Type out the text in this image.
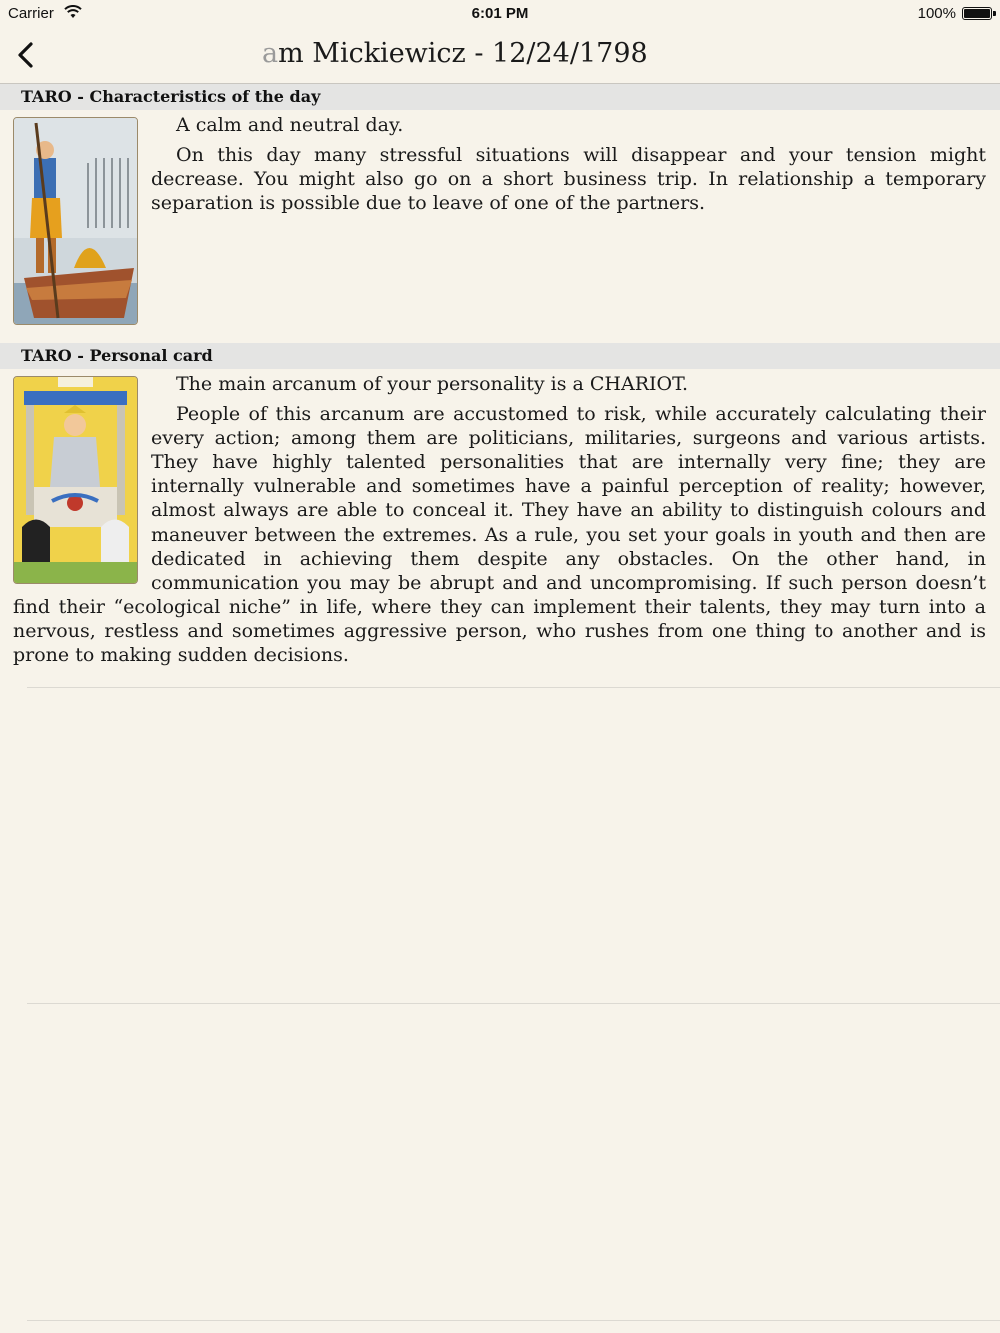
Carrier	6:01 PM	100%
am Mickiewicz - 12/24/1798
TARO - Characteristics of the day

A calm and neutral day.

On this day many stressful situations will disappear and your tension might decrease. You might also go on a short business trip. In relationship a temporary separation is possible due to leave of one of the partners.

TARO - Personal card

The main arcanum of your personality is a CHARIOT.

People of this arcanum are accustomed to risk, while accurately calculating their every action; among them are politicians, militaries, surgeons and various artists. They have highly talented personalities that are internally very fine; they are internally vulnerable and sometimes have a painful perception of reality; however, almost always are able to conceal it. They have an ability to distinguish colours and maneuver between the extremes. As a rule, you set your goals in youth and then are dedicated in achieving them despite any obstacles. On the other hand, in communication you may be abrupt and and uncompromising. If such person doesn’t find their “ecological niche” in life, where they can implement their talents, they may turn into a nervous, restless and sometimes aggressive person, who rushes from one thing to another and is prone to making sudden decisions.
